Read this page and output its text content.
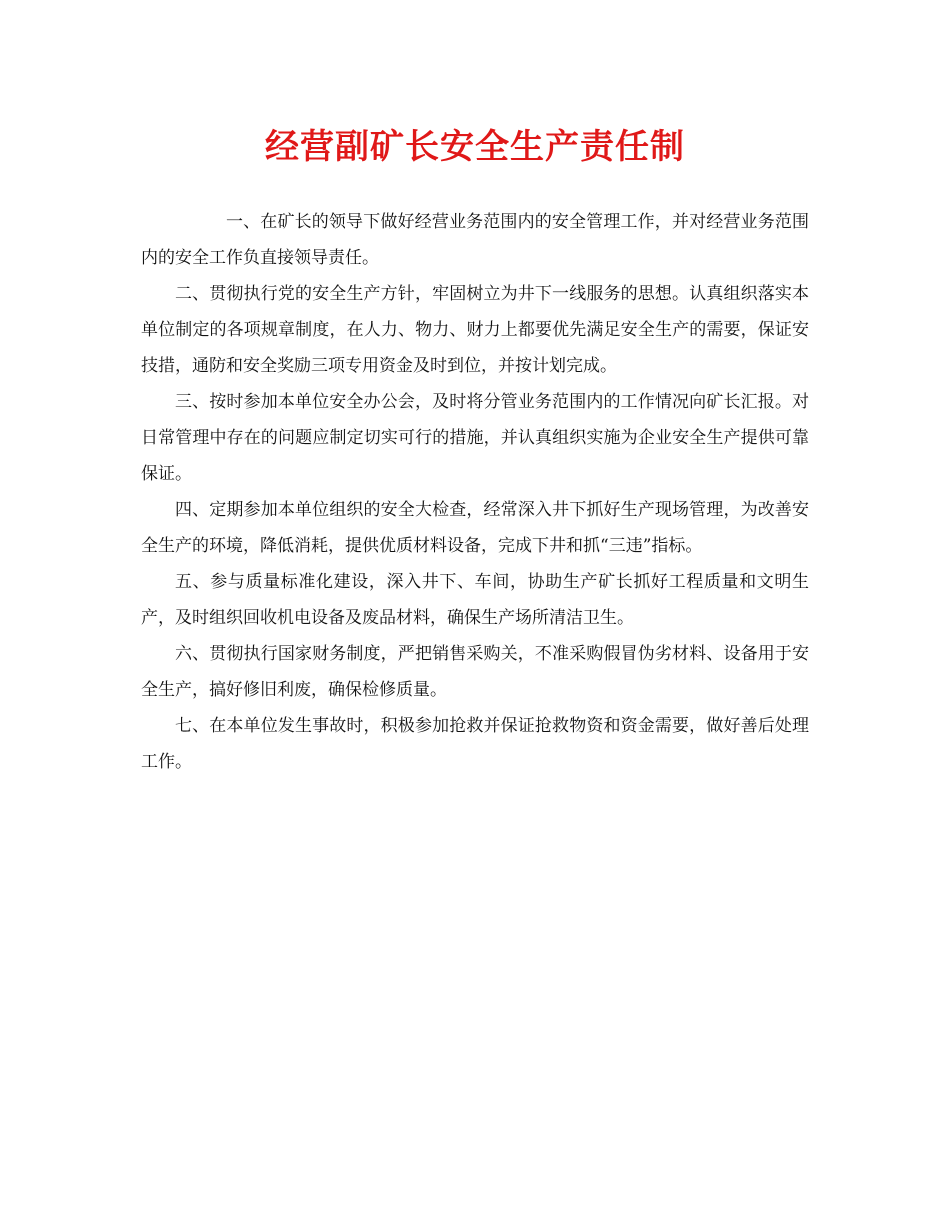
经营副矿长安全生产责任制

一、在矿长的领导下做好经营业务范围内的安全管理工作，并对经营业务范围内的安全工作负直接领导责任。

二、贯彻执行党的安全生产方针，牢固树立为井下一线服务的思想。认真组织落实本单位制定的各项规章制度，在人力、物力、财力上都要优先满足安全生产的需要，保证安技措，通防和安全奖励三项专用资金及时到位，并按计划完成。

三、按时参加本单位安全办公会，及时将分管业务范围内的工作情况向矿长汇报。对日常管理中存在的问题应制定切实可行的措施，并认真组织实施为企业安全生产提供可靠保证。

四、定期参加本单位组织的安全大检查，经常深入井下抓好生产现场管理，为改善安全生产的环境，降低消耗，提供优质材料设备，完成下井和抓“三违”指标。

五、参与质量标准化建设，深入井下、车间，协助生产矿长抓好工程质量和文明生产，及时组织回收机电设备及废品材料，确保生产场所清洁卫生。

六、贯彻执行国家财务制度，严把销售采购关，不准采购假冒伪劣材料、设备用于安全生产，搞好修旧利废，确保检修质量。

七、在本单位发生事故时，积极参加抢救并保证抢救物资和资金需要，做好善后处理工作。
